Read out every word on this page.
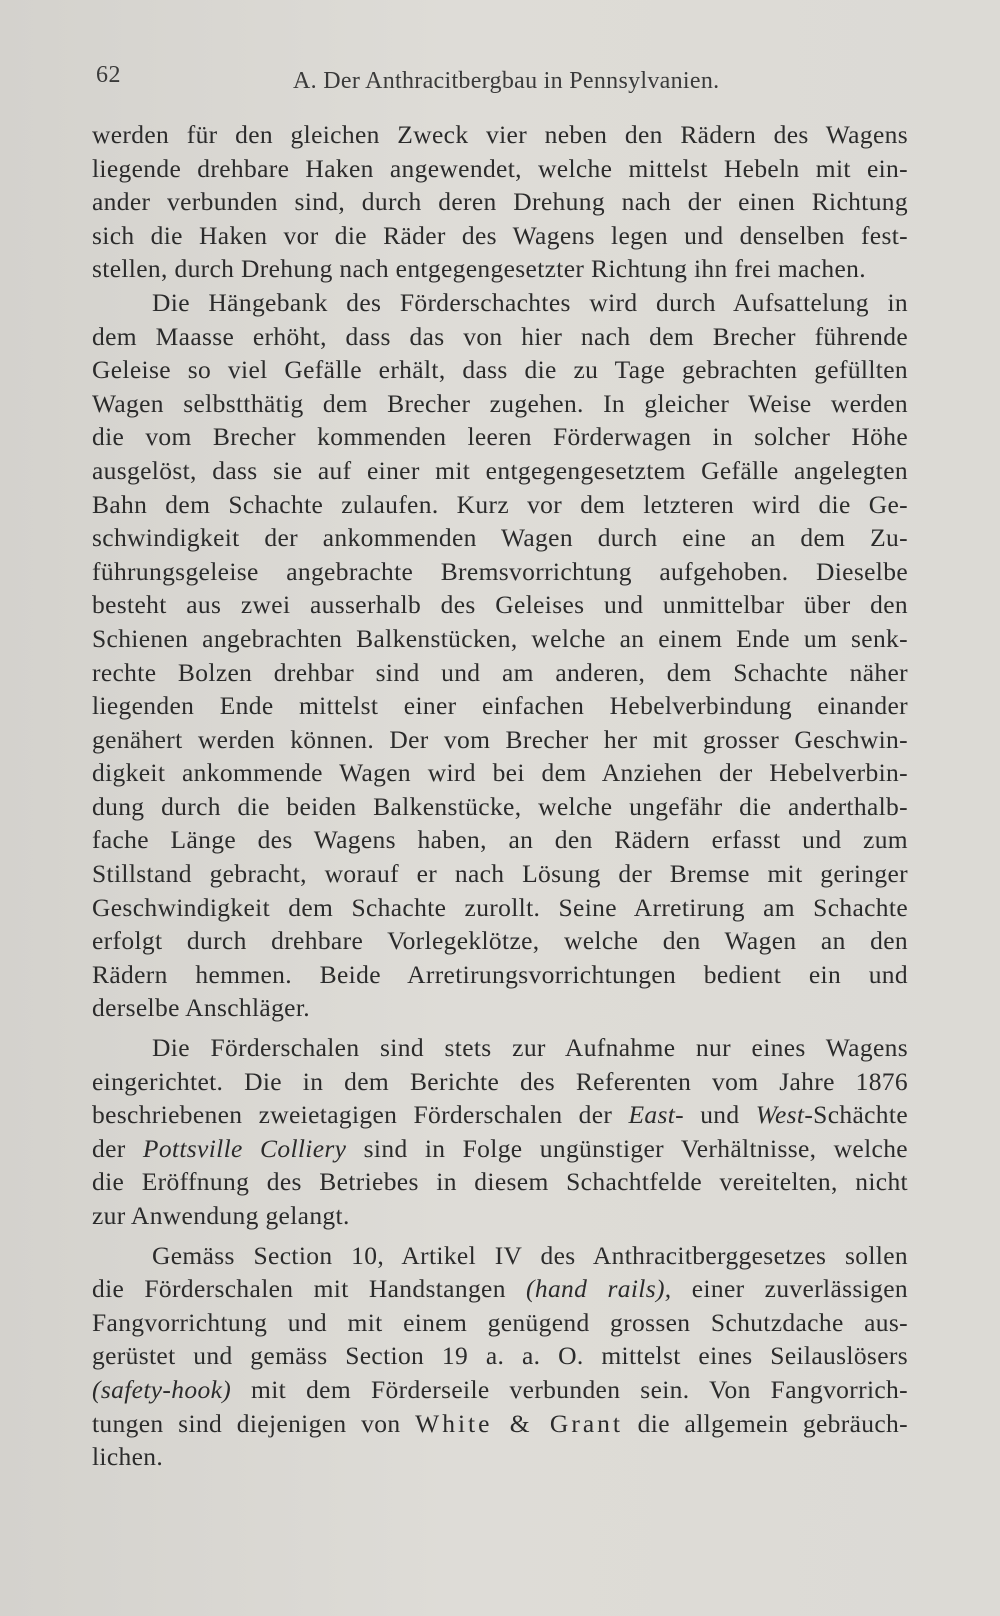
62	A. Der Anthracitbergbau in Pennsylvanien.
werden für den gleichen Zweck vier neben den Rädern des Wagens
liegende drehbare Haken angewendet, welche mittelst Hebeln mit ein-
ander verbunden sind, durch deren Drehung nach der einen Richtung
sich die Haken vor die Räder des Wagens legen und denselben fest-
stellen, durch Drehung nach entgegengesetzter Richtung ihn frei machen.
Die Hängebank des Förderschachtes wird durch Aufsattelung in
dem Maasse erhöht, dass das von hier nach dem Brecher führende
Geleise so viel Gefälle erhält, dass die zu Tage gebrachten gefüllten
Wagen selbstthätig dem Brecher zugehen. In gleicher Weise werden
die vom Brecher kommenden leeren Förderwagen in solcher Höhe
ausgelöst, dass sie auf einer mit entgegengesetztem Gefälle angelegten
Bahn dem Schachte zulaufen. Kurz vor dem letzteren wird die Ge-
schwindigkeit der ankommenden Wagen durch eine an dem Zu-
führungsgeleise angebrachte Bremsvorrichtung aufgehoben. Dieselbe
besteht aus zwei ausserhalb des Geleises und unmittelbar über den
Schienen angebrachten Balkenstücken, welche an einem Ende um senk-
rechte Bolzen drehbar sind und am anderen, dem Schachte näher
liegenden Ende mittelst einer einfachen Hebelverbindung einander
genähert werden können. Der vom Brecher her mit grosser Geschwin-
digkeit ankommende Wagen wird bei dem Anziehen der Hebelverbin-
dung durch die beiden Balkenstücke, welche ungefähr die anderthalb-
fache Länge des Wagens haben, an den Rädern erfasst und zum
Stillstand gebracht, worauf er nach Lösung der Bremse mit geringer
Geschwindigkeit dem Schachte zurollt. Seine Arretirung am Schachte
erfolgt durch drehbare Vorlegeklötze, welche den Wagen an den
Rädern hemmen. Beide Arretirungsvorrichtungen bedient ein und
derselbe Anschläger.
Die Förderschalen sind stets zur Aufnahme nur eines Wagens
eingerichtet. Die in dem Berichte des Referenten vom Jahre 1876
beschriebenen zweietagigen Förderschalen der East- und West-Schächte
der Pottsville Colliery sind in Folge ungünstiger Verhältnisse, welche
die Eröffnung des Betriebes in diesem Schachtfelde vereitelten, nicht
zur Anwendung gelangt.
Gemäss Section 10, Artikel IV des Anthracitberggesetzes sollen
die Förderschalen mit Handstangen (hand rails), einer zuverlässigen
Fangvorrichtung und mit einem genügend grossen Schutzdache aus-
gerüstet und gemäss Section 19 a. a. O. mittelst eines Seilauslösers
(safety-hook) mit dem Förderseile verbunden sein. Von Fangvorrich-
tungen sind diejenigen von White & Grant die allgemein gebräuch-
lichen.
